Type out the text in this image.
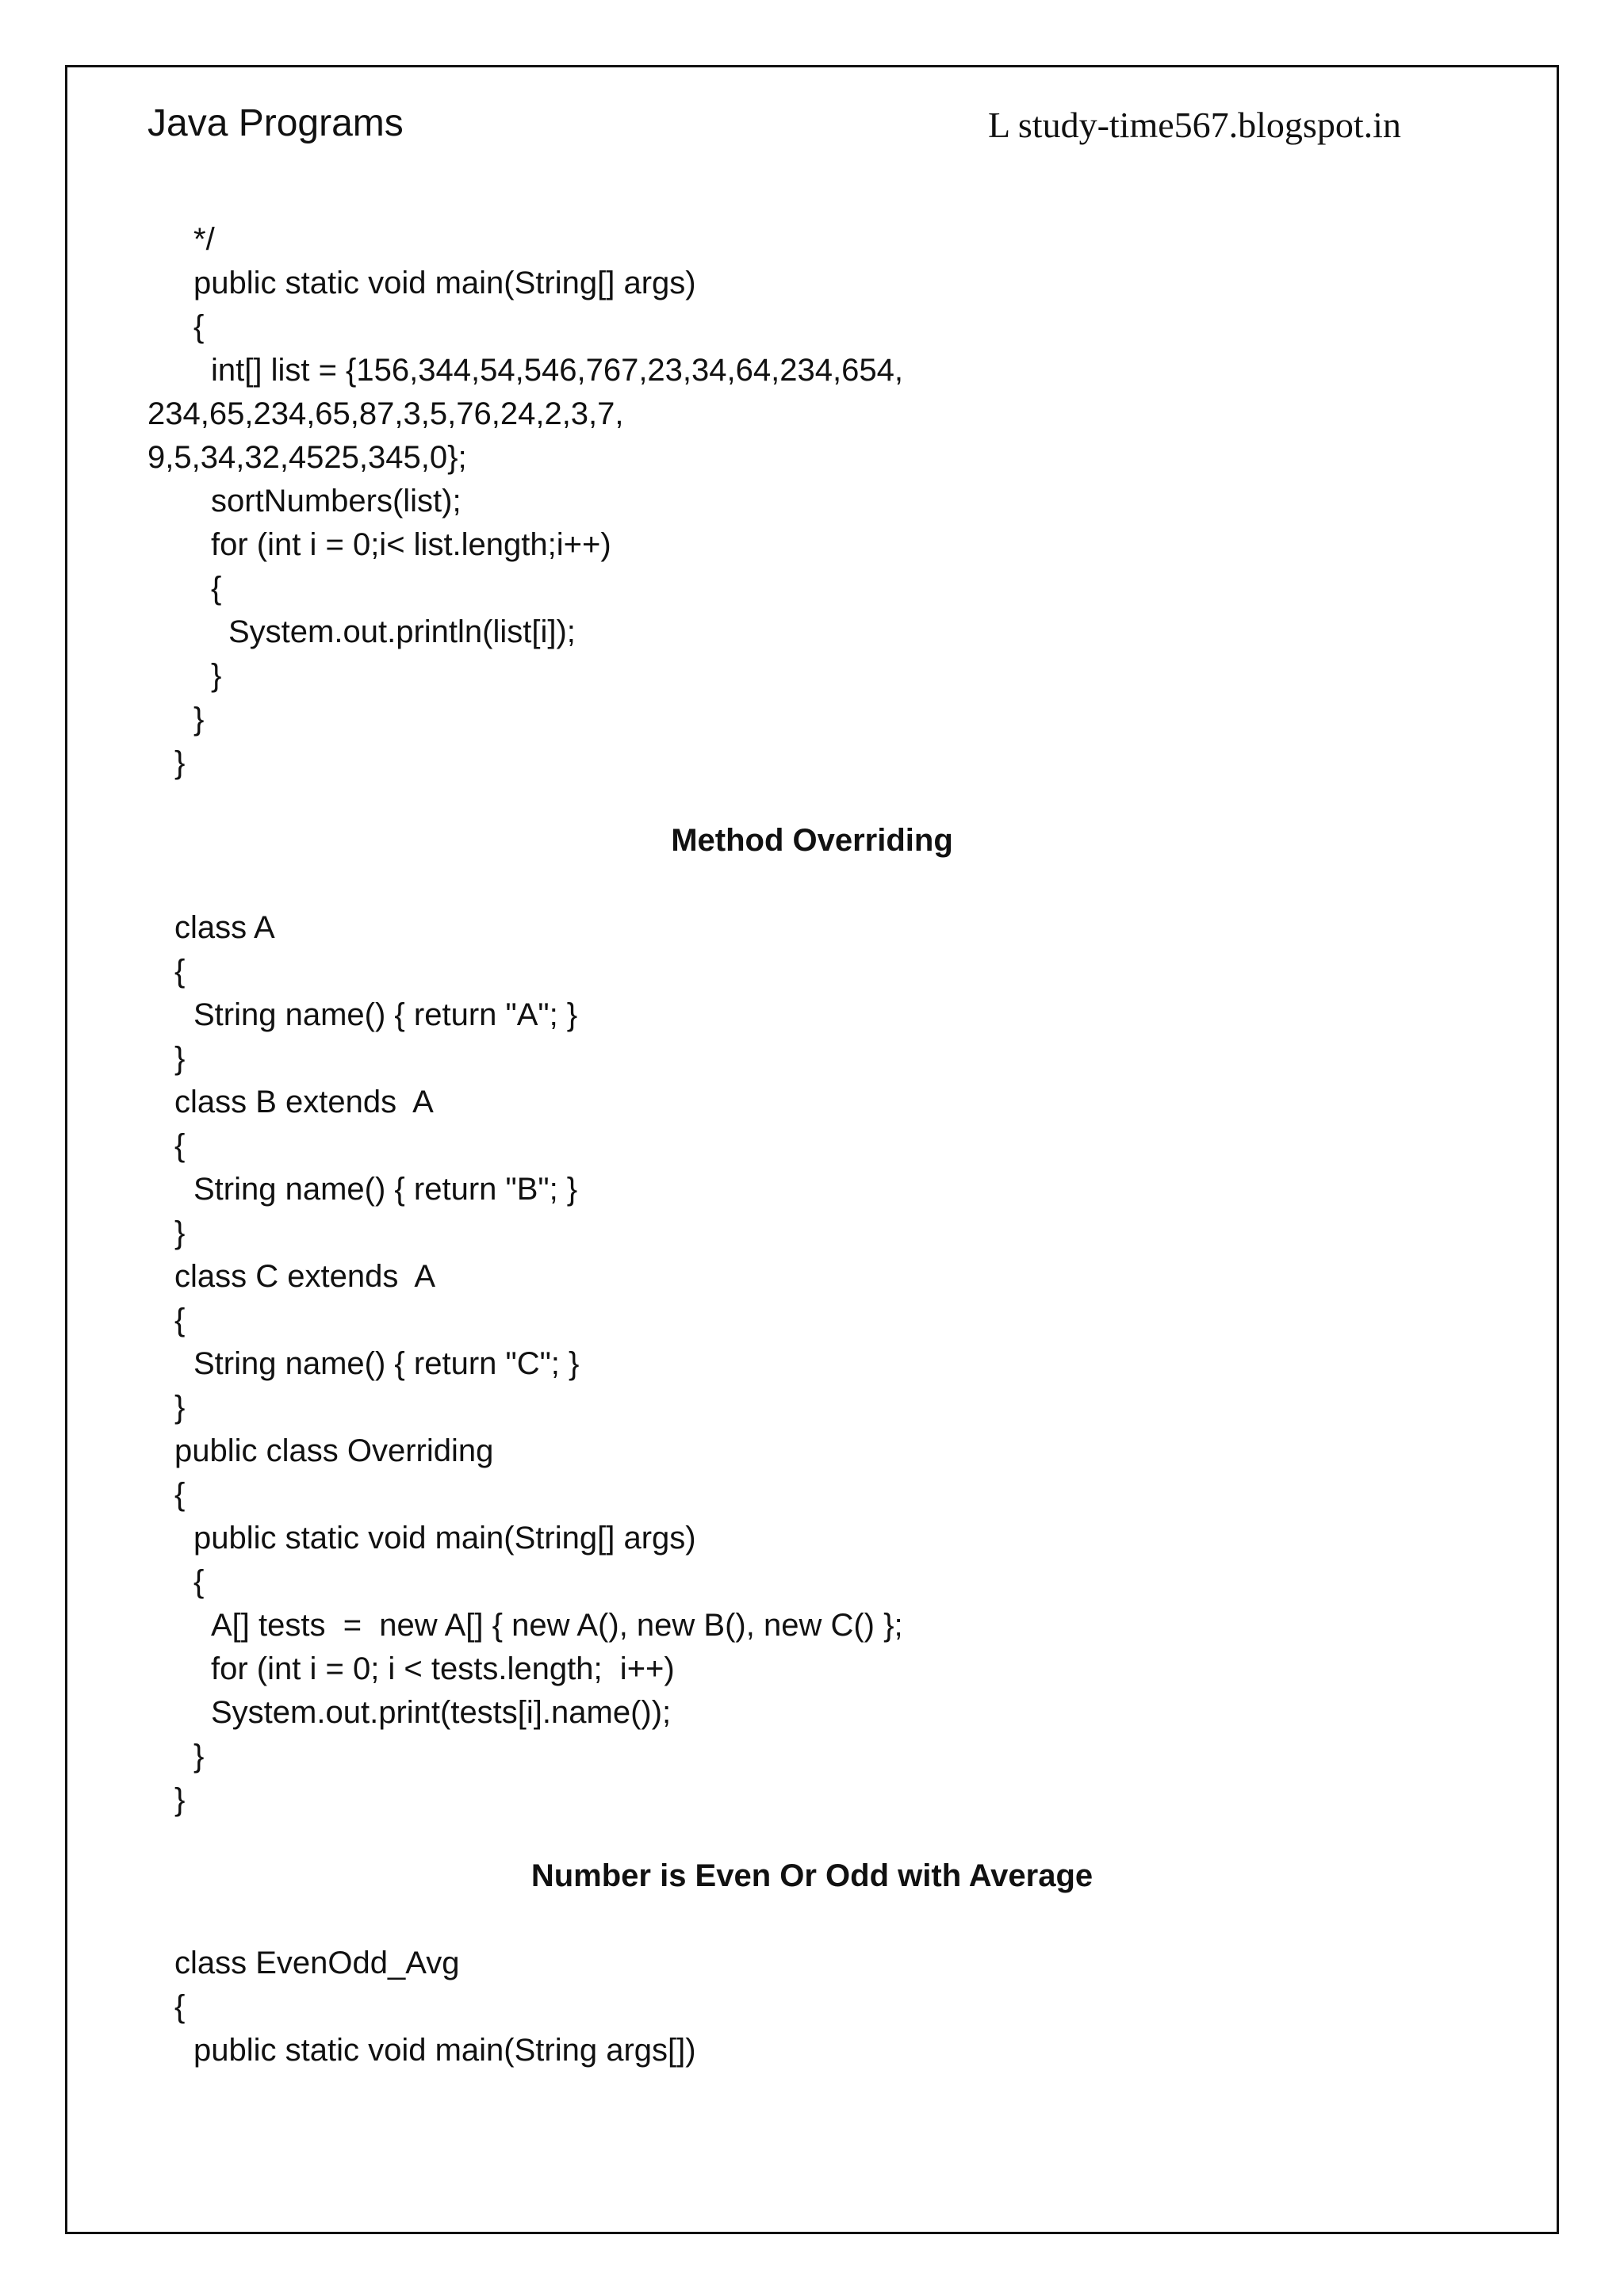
Java Programs	L study-time567.blogspot.in
*/
public static void main(String[] args)
{
int[] list = {156,344,54,546,767,23,34,64,234,654,
234,65,234,65,87,3,5,76,24,2,3,7,
9,5,34,32,4525,345,0};
sortNumbers(list);
for (int i = 0;i< list.length;i++)
{
System.out.println(list[i]);
}
}
}
Method Overriding
class A
{
String name() { return "A"; }
}
class B extends  A
{
String name() { return "B"; }
}
class C extends  A
{
String name() { return "C"; }
}
public class Overriding
{
public static void main(String[] args)
{
A[] tests  =  new A[] { new A(), new B(), new C() };
for (int i = 0; i < tests.length;  i++)
System.out.print(tests[i].name());
}
}
Number is Even Or Odd with Average
class EvenOdd_Avg
{
public static void main(String args[])
